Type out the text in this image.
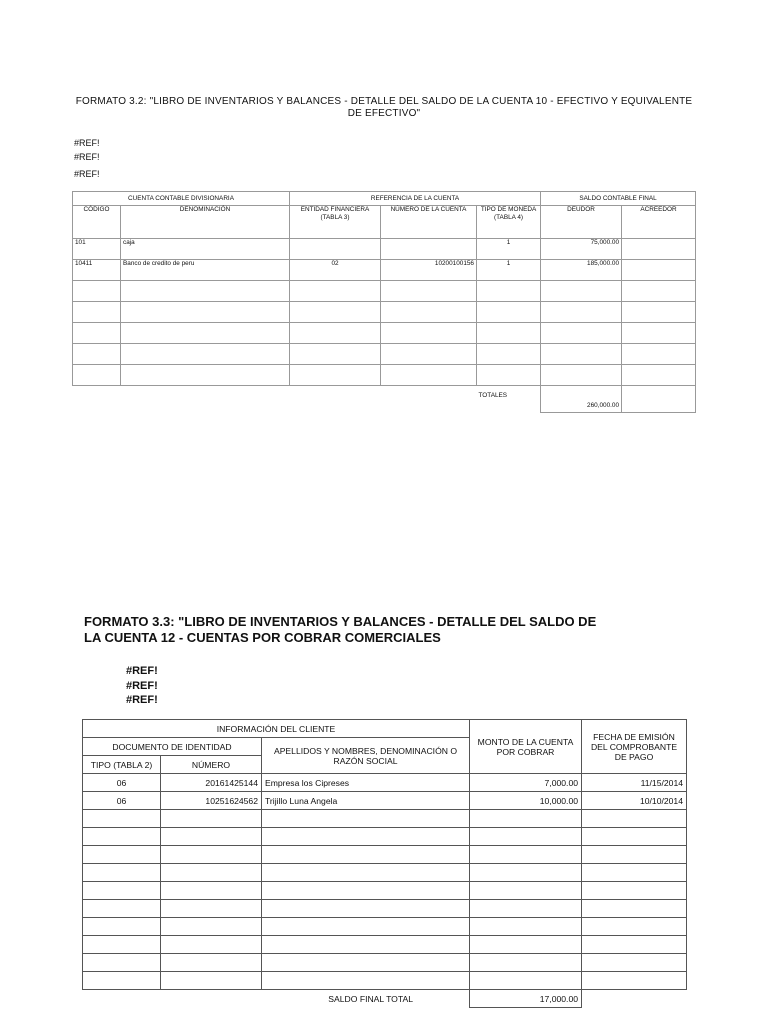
FORMATO 3.2: "LIBRO DE INVENTARIOS Y BALANCES - DETALLE DEL SALDO DE LA CUENTA 10 - EFECTIVO Y EQUIVALENTE
DE EFECTIVO"
#REF!
#REF!
#REF!
CUENTA CONTABLE DIVISIONARIA		REFERENCIA DE LA CUENTA			SALDO CONTABLE FINAL	
CÓDIGO	DENOMINACIÓN	ENTIDAD FINANCIERA (TABLA 3)	NÚMERO DE LA CUENTA	TIPO DE MONEDA (TABLA 4)	DEUDOR	ACREEDOR
101	caja			1	75,000.00	
10411	Banco de credito de peru	02	10200100156	1	185,000.00	

				TOTALES	260,000.00	
FORMATO 3.3: "LIBRO DE INVENTARIOS Y BALANCES - DETALLE DEL SALDO DE
LA CUENTA 12 - CUENTAS POR COBRAR COMERCIALES
#REF!
#REF!
#REF!
INFORMACIÓN DEL CLIENTE			MONTO DE LA CUENTA POR COBRAR	FECHA DE EMISIÓN DEL COMPROBANTE DE PAGO
DOCUMENTO DE IDENTIDAD		APELLIDOS Y NOMBRES, DENOMINACIÓN O RAZÓN SOCIAL		
TIPO (TABLA 2)	NÚMERO			
06	20161425144	Empresa los Cipreses	7,000.00	11/15/2014
06	10251624562	Trijillo Luna Angela	10,000.00	10/10/2014

		SALDO FINAL TOTAL	17,000.00	
